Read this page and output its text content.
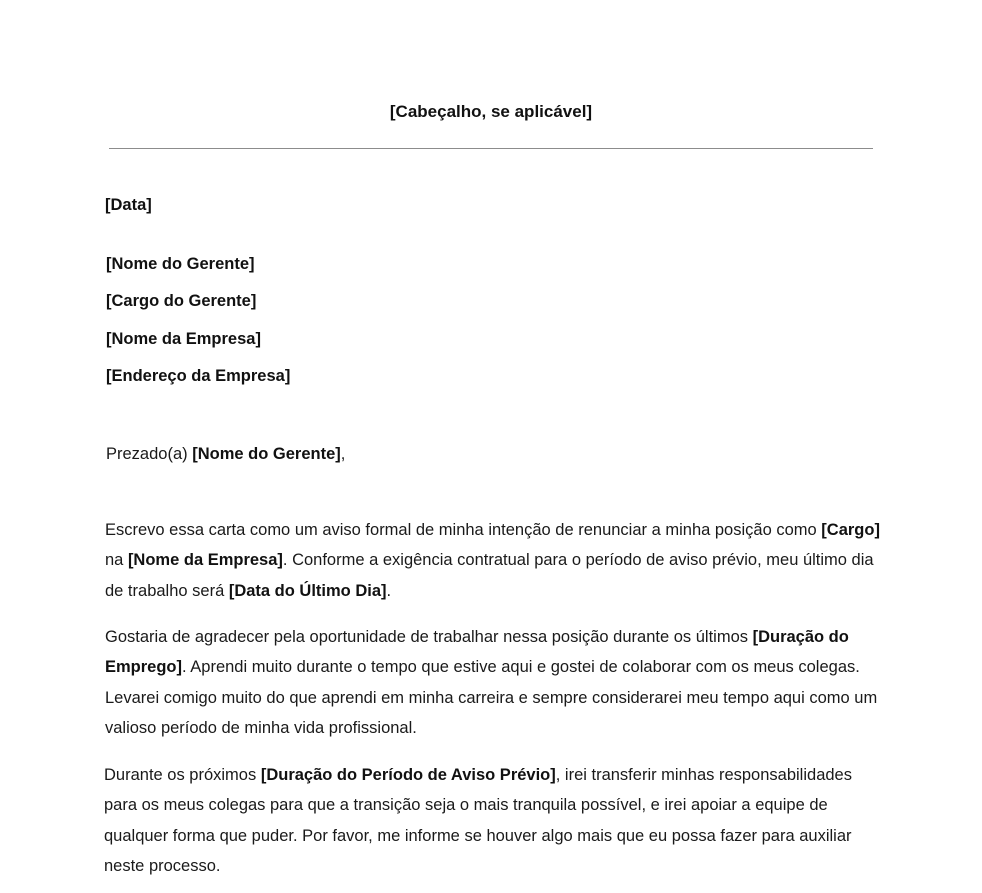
[Cabeçalho, se aplicável]
[Data]
[Nome do Gerente]
[Cargo do Gerente]
[Nome da Empresa]
[Endereço da Empresa]
Prezado(a) [Nome do Gerente],
Escrevo essa carta como um aviso formal de minha intenção de renunciar a minha posição como [Cargo] na [Nome da Empresa]. Conforme a exigência contratual para o período de aviso prévio, meu último dia de trabalho será [Data do Último Dia].
Gostaria de agradecer pela oportunidade de trabalhar nessa posição durante os últimos [Duração do Emprego]. Aprendi muito durante o tempo que estive aqui e gostei de colaborar com os meus colegas. Levarei comigo muito do que aprendi em minha carreira e sempre considerarei meu tempo aqui como um valioso período de minha vida profissional.
Durante os próximos [Duração do Período de Aviso Prévio], irei transferir minhas responsabilidades para os meus colegas para que a transição seja o mais tranquila possível, e irei apoiar a equipe de qualquer forma que puder. Por favor, me informe se houver algo mais que eu possa fazer para auxiliar neste processo.
